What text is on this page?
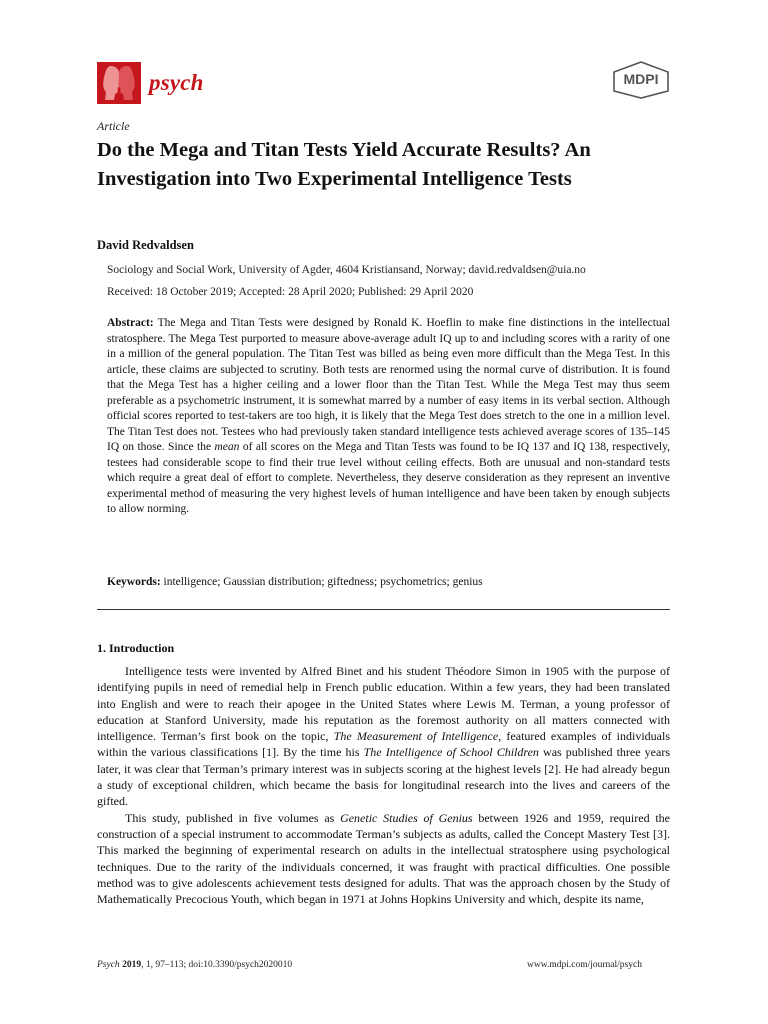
psych	MDPI
Article
Do the Mega and Titan Tests Yield Accurate Results? An Investigation into Two Experimental Intelligence Tests
David Redvaldsen
Sociology and Social Work, University of Agder, 4604 Kristiansand, Norway; david.redvaldsen@uia.no
Received: 18 October 2019; Accepted: 28 April 2020; Published: 29 April 2020
Abstract: The Mega and Titan Tests were designed by Ronald K. Hoeflin to make fine distinctions in the intellectual stratosphere. The Mega Test purported to measure above-average adult IQ up to and including scores with a rarity of one in a million of the general population. The Titan Test was billed as being even more difficult than the Mega Test. In this article, these claims are subjected to scrutiny. Both tests are renormed using the normal curve of distribution. It is found that the Mega Test has a higher ceiling and a lower floor than the Titan Test. While the Mega Test may thus seem preferable as a psychometric instrument, it is somewhat marred by a number of easy items in its verbal section. Although official scores reported to test-takers are too high, it is likely that the Mega Test does stretch to the one in a million level. The Titan Test does not. Testees who had previously taken standard intelligence tests achieved average scores of 135–145 IQ on those. Since the mean of all scores on the Mega and Titan Tests was found to be IQ 137 and IQ 138, respectively, testees had considerable scope to find their true level without ceiling effects. Both are unusual and non-standard tests which require a great deal of effort to complete. Nevertheless, they deserve consideration as they represent an inventive experimental method of measuring the very highest levels of human intelligence and have been taken by enough subjects to allow norming.
Keywords: intelligence; Gaussian distribution; giftedness; psychometrics; genius
1. Introduction

Intelligence tests were invented by Alfred Binet and his student Théodore Simon in 1905 with the purpose of identifying pupils in need of remedial help in French public education. Within a few years, they had been translated into English and were to reach their apogee in the United States where Lewis M. Terman, a young professor of education at Stanford University, made his reputation as the foremost authority on all matters connected with intelligence. Terman’s first book on the topic, The Measurement of Intelligence, featured examples of individuals within the various classifications [1]. By the time his The Intelligence of School Children was published three years later, it was clear that Terman’s primary interest was in subjects scoring at the highest levels [2]. He had already begun a study of exceptional children, which became the basis for longitudinal research into the lives and careers of the gifted.

This study, published in five volumes as Genetic Studies of Genius between 1926 and 1959, required the construction of a special instrument to accommodate Terman’s subjects as adults, called the Concept Mastery Test [3]. This marked the beginning of experimental research on adults in the intellectual stratosphere using psychological techniques. Due to the rarity of the individuals concerned, it was fraught with practical difficulties. One possible method was to give adolescents achievement tests designed for adults. That was the approach chosen by the Study of Mathematically Precocious Youth, which began in 1971 at Johns Hopkins University and which, despite its name,

Psych 2019, 1, 97–113; doi:10.3390/psych2020010	www.mdpi.com/journal/psych
